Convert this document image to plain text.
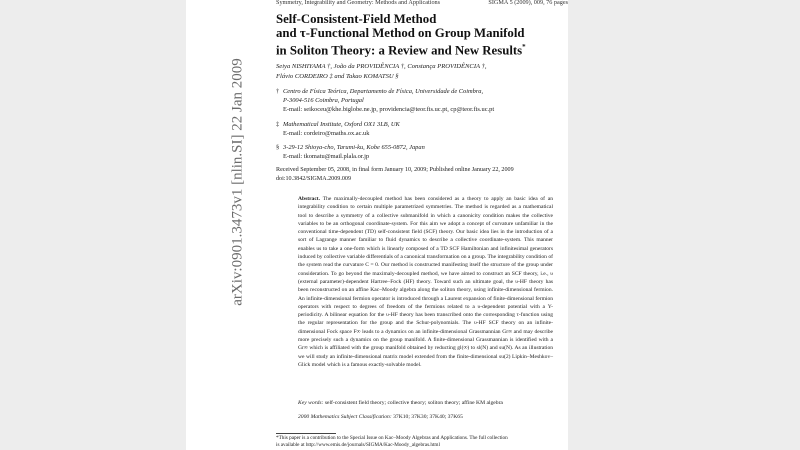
arXiv:0901.3473v1 [nlin.SI] 22 Jan 2009
Symmetry, Integrability and Geometry: Methods and Applications	SIGMA 5 (2009), 009, 76 pages
Self-Consistent-Field Method
and τ-Functional Method on Group Manifold
in Soliton Theory: a Review and New Results*
Seiya NISHIYAMA †, João da PROVIDÊNCIA †, Constança PROVIDÊNCIA †,
Flávio CORDEIRO ‡ and Takao KOMATSU §
† Centro de Física Teórica, Departamento de Física, Universidade de Coimbra,
P-3004-516 Coimbra, Portugal
E-mail: seikoceu@khe.biglobe.ne.jp, providencia@teor.fis.uc.pt, cp@teor.fis.uc.pt
‡ Mathematical Institute, Oxford OX1 3LB, UK
E-mail: cordeiro@maths.ox.ac.uk
§ 3-29-12 Shioya-cho, Tarumi-ku, Kobe 655-0872, Japan
E-mail: tkomatu@mail.plala.or.jp
Received September 05, 2008, in final form January 10, 2009; Published online January 22, 2009
doi:10.3842/SIGMA.2009.009
Abstract. The maximally-decoupled method has been considered as a theory to apply an basic idea of an integrability condition to certain multiple parametrized symmetries. The method is regarded as a mathematical tool to describe a symmetry of a collective submanifold in which a canonicity condition makes the collective variables to be an orthogonal coordinate-system. For this aim we adopt a concept of curvature unfamiliar in the conventional time-dependent (TD) self-consistent field (SCF) theory. Our basic idea lies in the introduction of a sort of Lagrange manner familiar to fluid dynamics to describe a collective coordinate-system. This manner enables us to take a one-form which is linearly composed of a TD SCF Hamiltonian and infinitesimal generators induced by collective variable differentials of a canonical transformation on a group. The integrability condition of the system read the curvature C = 0. Our method is constructed manifesting itself the structure of the group under consideration. To go beyond the maximaly-decoupled method, we have aimed to construct an SCF theory, i.e., υ (external parameter)-dependent Hartree–Fock (HF) theory. Toward such an ultimate goal, the υ-HF theory has been reconstructed on an affine Kac–Moody algebra along the soliton theory, using infinite-dimensional fermion. An infinite-dimensional fermion operator is introduced through a Laurent expansion of finite-dimensional fermion operators with respect to degrees of freedom of the fermions related to a υ-dependent potential with a Υ-periodicity. A bilinear equation for the υ-HF theory has been transcribed onto the corresponding τ-function using the regular representation for the group and the Schur-polynomials. The υ-HF SCF theory on an infinite-dimensional Fock space F∞ leads to a dynamics on an infinite-dimensional Grassmannian Gr∞ and may describe more precisely such a dynamics on the group manifold. A finite-dimensional Grassmannian is identified with a Gr∞ which is affiliated with the group manifold obtained by reducting gl(∞) to sl(N) and su(N). As an illustration we will study an infinite-dimensional matrix model extended from the finite-dimensional su(2) Lipkin–Meshkov–Glick model which is a famous exactly-solvable model.
Key words: self-consistent field theory; collective theory; soliton theory; affine KM algebra
2000 Mathematics Subject Classification: 37K10; 37K30; 37K40; 37K65
*This paper is a contribution to the Special Issue on Kac–Moody Algebras and Applications. The full collection
is available at http://www.emis.de/journals/SIGMA/Kac-Moody_algebras.html
